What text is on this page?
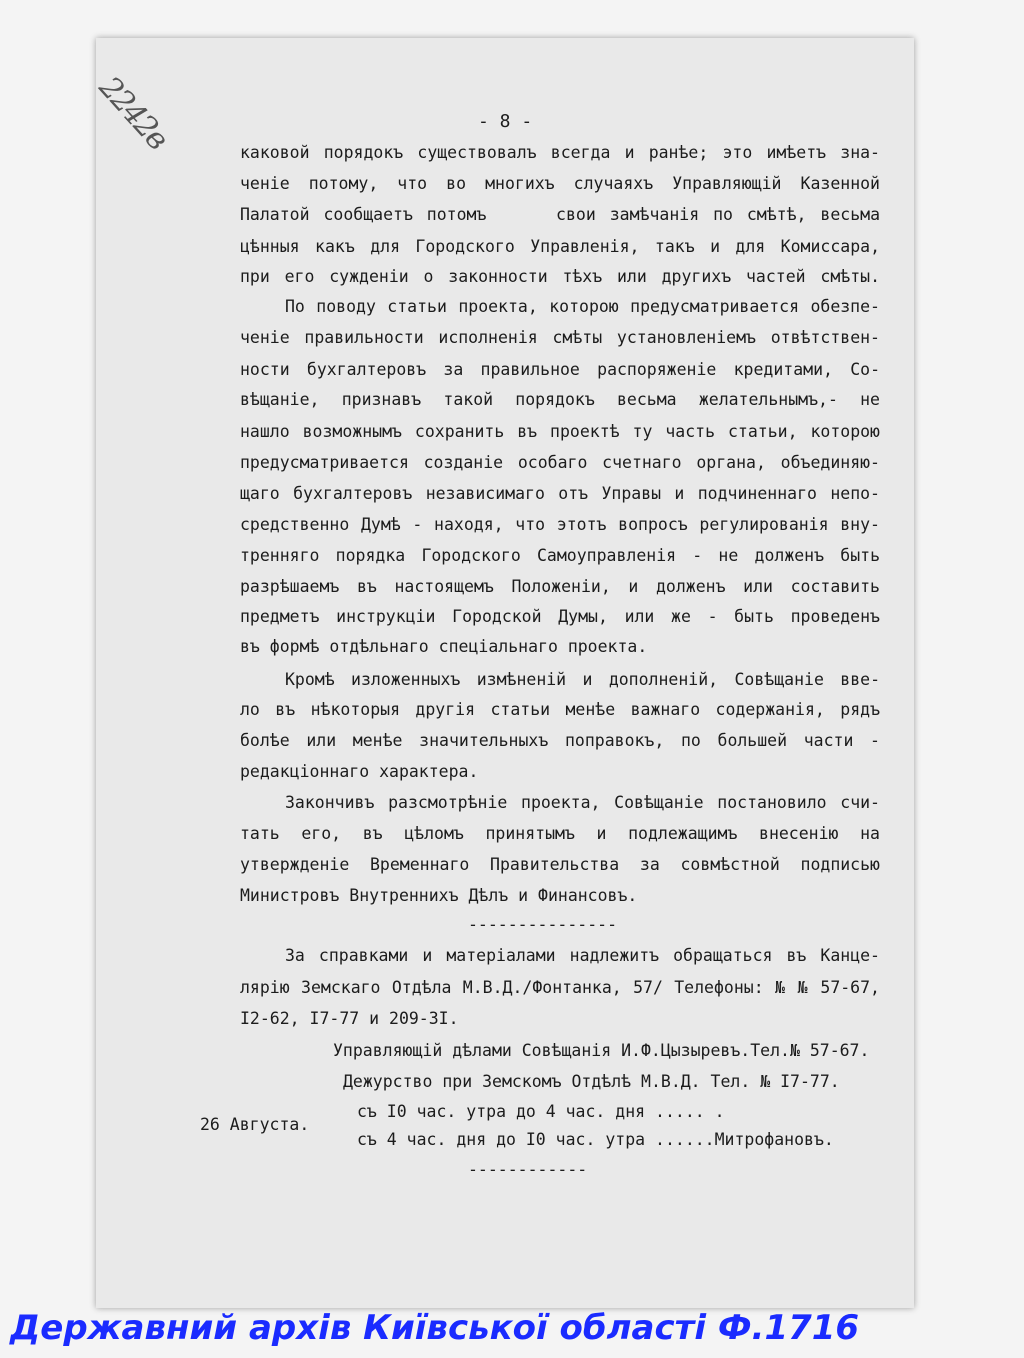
2242в	- 8 -
каковой порядокъ существовалъ всегда и ранѣе; это имѣетъ зна-
ченіе потому, что во многихъ случаяхъ Управляющій Казенной
Палатой сообщаетъ потомъ     свои замѣчанія по смѣтѣ, весьма
цѣнныя какъ для Городского Управленія, такъ и для Комиссара,
при его сужденіи о законности тѣхъ или другихъ частей смѣты.
По поводу статьи проекта, которою предусматривается обезпе-
ченіе правильности исполненія смѣты установленіемъ отвѣтствен-
ности бухгалтеровъ за правильное распоряженіе кредитами, Со-
вѣщаніе, признавъ такой порядокъ весьма желательнымъ,- не
нашло возможнымъ сохранить въ проектѣ ту часть статьи, которою
предусматривается созданіе особаго счетнаго органа, объединяю-
щаго бухгалтеровъ независимаго отъ Управы и подчиненнаго непо-
средственно Думѣ - находя, что этотъ вопросъ регулированія вну-
тренняго порядка Городского Самоуправленія - не долженъ быть
разрѣшаемъ въ настоящемъ Положеніи, и долженъ или составить
предметъ инструкціи Городской Думы, или же - быть проведенъ
въ формѣ отдѣльнаго спеціальнаго проекта.
Кромѣ изложенныхъ измѣненій и дополненій, Совѣщаніе вве-
ло въ нѣкоторыя другія статьи менѣе важнаго содержанія, рядъ
болѣе или менѣе значительныхъ поправокъ, по большей части -
редакціоннаго характера.
Закончивъ разсмотрѣніе проекта, Совѣщаніе постановило счи-
тать его, въ цѣломъ принятымъ и подлежащимъ внесенію на
утвержденіе Временнаго Правительства за совмѣстной подписью
Министровъ Внутреннихъ Дѣлъ и Финансовъ.
---------------
За справками и матеріалами надлежитъ обращаться въ Канце-
лярію Земскаго Отдѣла М.В.Д./Фонтанка, 57/ Телефоны: № № 57-67,
I2-62, I7-77 и 209-3I.
Управляющій дѣлами Совѣщанія И.Ф.Цызыревъ.Тел.№ 57-67.
Дежурство при Земскомъ Отдѣлѣ М.В.Д. Тел. № I7-77.
съ I0 час. утра до 4 час. дня ..... .
26 Августа.
съ 4 час. дня до I0 час. утра ......Митрофановъ.
------------
Державний архів Київської області Ф.1716
